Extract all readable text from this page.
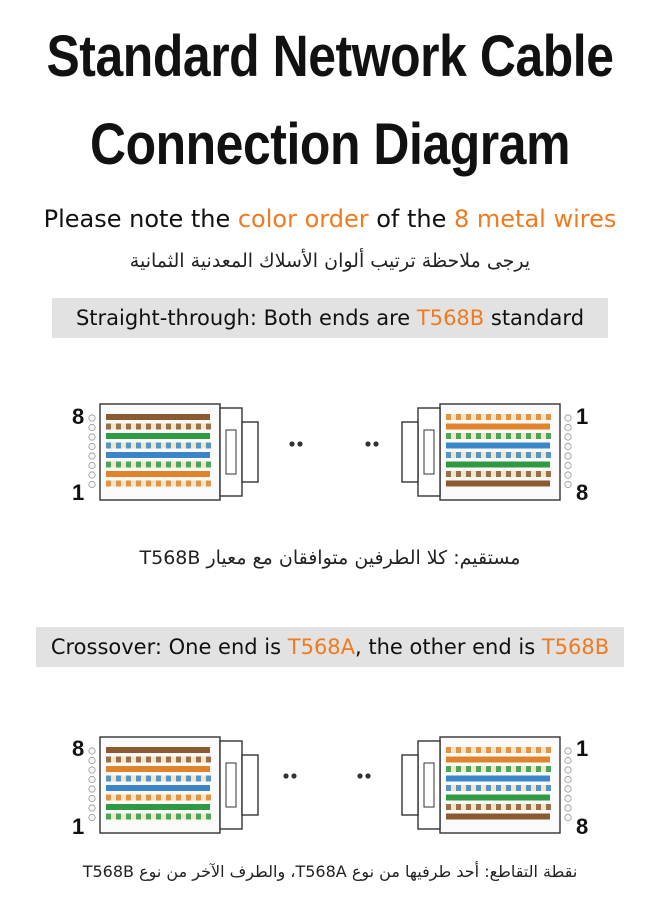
Standard Network Cable
Connection Diagram
Please note the color order of the 8 metal wires
يرجى ملاحظة ترتيب ألوان الأسلاك المعدنية الثمانية
Straight-through: Both ends are T568B standard
Crossover: One end is T568A , the other end is T568B
T568B مستقيم: كلا الطرفين متوافقان مع معيار
T568B والطرف الآخر من نوع ،T568A نقطة التقاطع: أحد طرفيها من نوع
8
1
1
8
8
1
1
8
